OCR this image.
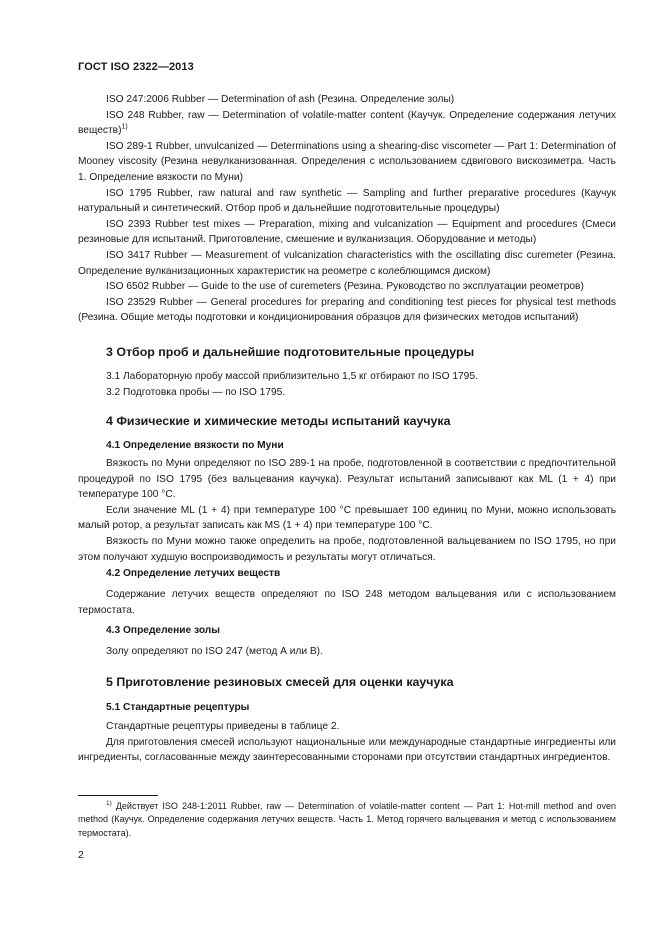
ГОСТ ISO 2322—2013

ISO 247:2006 Rubber — Determination of ash (Резина. Определение золы)

ISO 248 Rubber, raw — Determination of volatile-matter content (Каучук. Определение содержания летучих веществ)$^{1)}$

ISO 289-1 Rubber, unvulcanized — Determinations using a shearing-disc viscometer — Part 1: Determination of Mooney viscosity (Резина невулканизованная. Определения с использованием сдвигового вискозиметра. Часть 1. Определение вязкости по Муни)

ISO 1795 Rubber, raw natural and raw synthetic — Sampling and further preparative procedures (Каучук натуральный и синтетический. Отбор проб и дальнейшие подготовительные процедуры)

ISO 2393 Rubber test mixes — Preparation, mixing and vulcanization — Equipment and procedures (Смеси резиновые для испытаний. Приготовление, смешение и вулканизация. Оборудование и методы)

ISO 3417 Rubber — Measurement of vulcanization characteristics with the oscillating disc curemeter (Резина. Определение вулканизационных характеристик на реометре с колеблющимся диском)

ISO 6502 Rubber — Guide to the use of curemeters (Резина. Руководство по эксплуатации реометров)

ISO 23529 Rubber — General procedures for preparing and conditioning test pieces for physical test methods (Резина. Общие методы подготовки и кондиционирования образцов для физических методов испытаний)

3 Отбор проб и дальнейшие подготовительные процедуры

3.1 Лабораторную пробу массой приблизительно 1,5 кг отбирают по ISO 1795.

3.2 Подготовка пробы — по ISO 1795.

4 Физические и химические методы испытаний каучука
4.1 Определение вязкости по Муни

Вязкость по Муни определяют по ISO 289-1 на пробе, подготовленной в соответствии с предпочтительной процедурой по ISO 1795 (без вальцевания каучука). Результат испытаний записывают как ML (1 + 4) при температуре 100 °C.

Если значение ML (1 + 4) при температуре 100 °C превышает 100 единиц по Муни, можно использовать малый ротор, а результат записать как MS (1 + 4) при температуре 100 °C.

Вязкость по Муни можно также определить на пробе, подготовленной вальцеванием по ISO 1795, но при этом получают худшую воспроизводимость и результаты могут отличаться.

4.2 Определение летучих веществ

Содержание летучих веществ определяют по ISO 248 методом вальцевания или с использованием термостата.

4.3 Определение золы

Золу определяют по ISO 247 (метод А или В).

5 Приготовление резиновых смесей для оценки каучука
5.1 Стандартные рецептуры

Стандартные рецептуры приведены в таблице 2.

Для приготовления смесей используют национальные или международные стандартные ингредиенты или ингредиенты, согласованные между заинтересованными сторонами при отсутствии стандартных ингредиентов.

$^{1)}$ Действует ISO 248-1:2011 Rubber, raw — Determination of volatile-matter content — Part 1: Hot-mill method and oven method (Каучук. Определение содержания летучих веществ. Часть 1. Метод горячего вальцевания и метод с использованием термостата).

2
